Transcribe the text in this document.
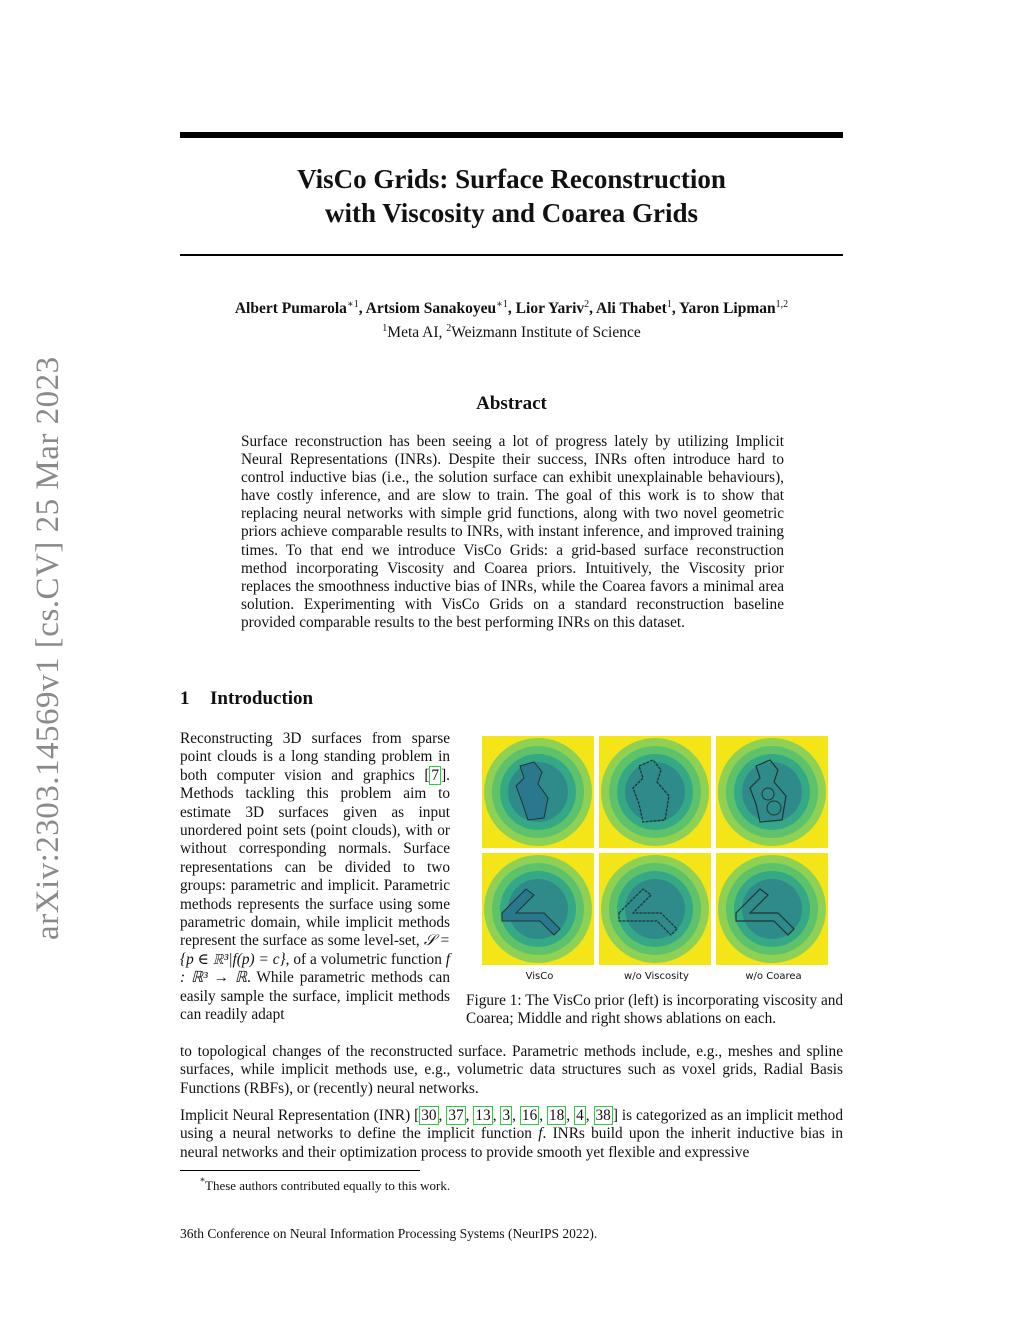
arXiv:2303.14569v1 [cs.CV] 25 Mar 2023
VisCo Grids: Surface Reconstruction
with Viscosity and Coarea Grids
Albert Pumarola$^{∗1}$, Artsiom Sanakoyeu$^{∗1}$, Lior Yariv$^2$, Ali Thabet$^1$, Yaron Lipman$^{1,2}$
$^1$Meta AI, $^2$Weizmann Institute of Science
Abstract
Surface reconstruction has been seeing a lot of progress lately by utilizing Implicit Neural Representations (INRs). Despite their success, INRs often introduce hard to control inductive bias (i.e., the solution surface can exhibit unexplainable behaviours), have costly inference, and are slow to train. The goal of this work is to show that replacing neural networks with simple grid functions, along with two novel geometric priors achieve comparable results to INRs, with instant inference, and improved training times. To that end we introduce VisCo Grids: a grid-based surface reconstruction method incorporating Viscosity and Coarea priors. Intuitively, the Viscosity prior replaces the smoothness inductive bias of INRs, while the Coarea favors a minimal area solution. Experimenting with VisCo Grids on a standard reconstruction baseline provided comparable results to the best performing INRs on this dataset.
1 Introduction

Reconstructing 3D surfaces from sparse point clouds is a long standing problem in both computer vision and graphics [ 7 ]. Methods tackling this problem aim to estimate 3D surfaces given as input unordered point sets (point clouds), with or without corresponding normals. Surface representations can be divided to two groups: parametric and implicit. Parametric methods represents the surface using some parametric domain, while implicit methods represent the surface as some level-set, 𝒮 = {p ∈ ℝ³|f(p) = c}, of a volumetric function f : ℝ³ → ℝ. While parametric methods can easily sample the surface, implicit methods can readily adapt

to topological changes of the reconstructed surface. Parametric methods include, e.g., meshes and spline surfaces, while implicit methods use, e.g., volumetric data structures such as voxel grids, Radial Basis Functions (RBFs), or (recently) neural networks.

Implicit Neural Representation (INR) [ 30 , 37 , 13 , 3 , 16 , 18 , 4 , 38 ] is categorized as an implicit method using a neural networks to define the implicit function f. INRs build upon the inherit inductive bias in neural networks and their optimization process to provide smooth yet flexible and expressive

VisCo	w/o Viscosity	w/o Coarea
Figure 1: The VisCo prior (left) is incorporating viscosity and Coarea; Middle and right shows ablations on each.
*These authors contributed equally to this work.
36th Conference on Neural Information Processing Systems (NeurIPS 2022).
